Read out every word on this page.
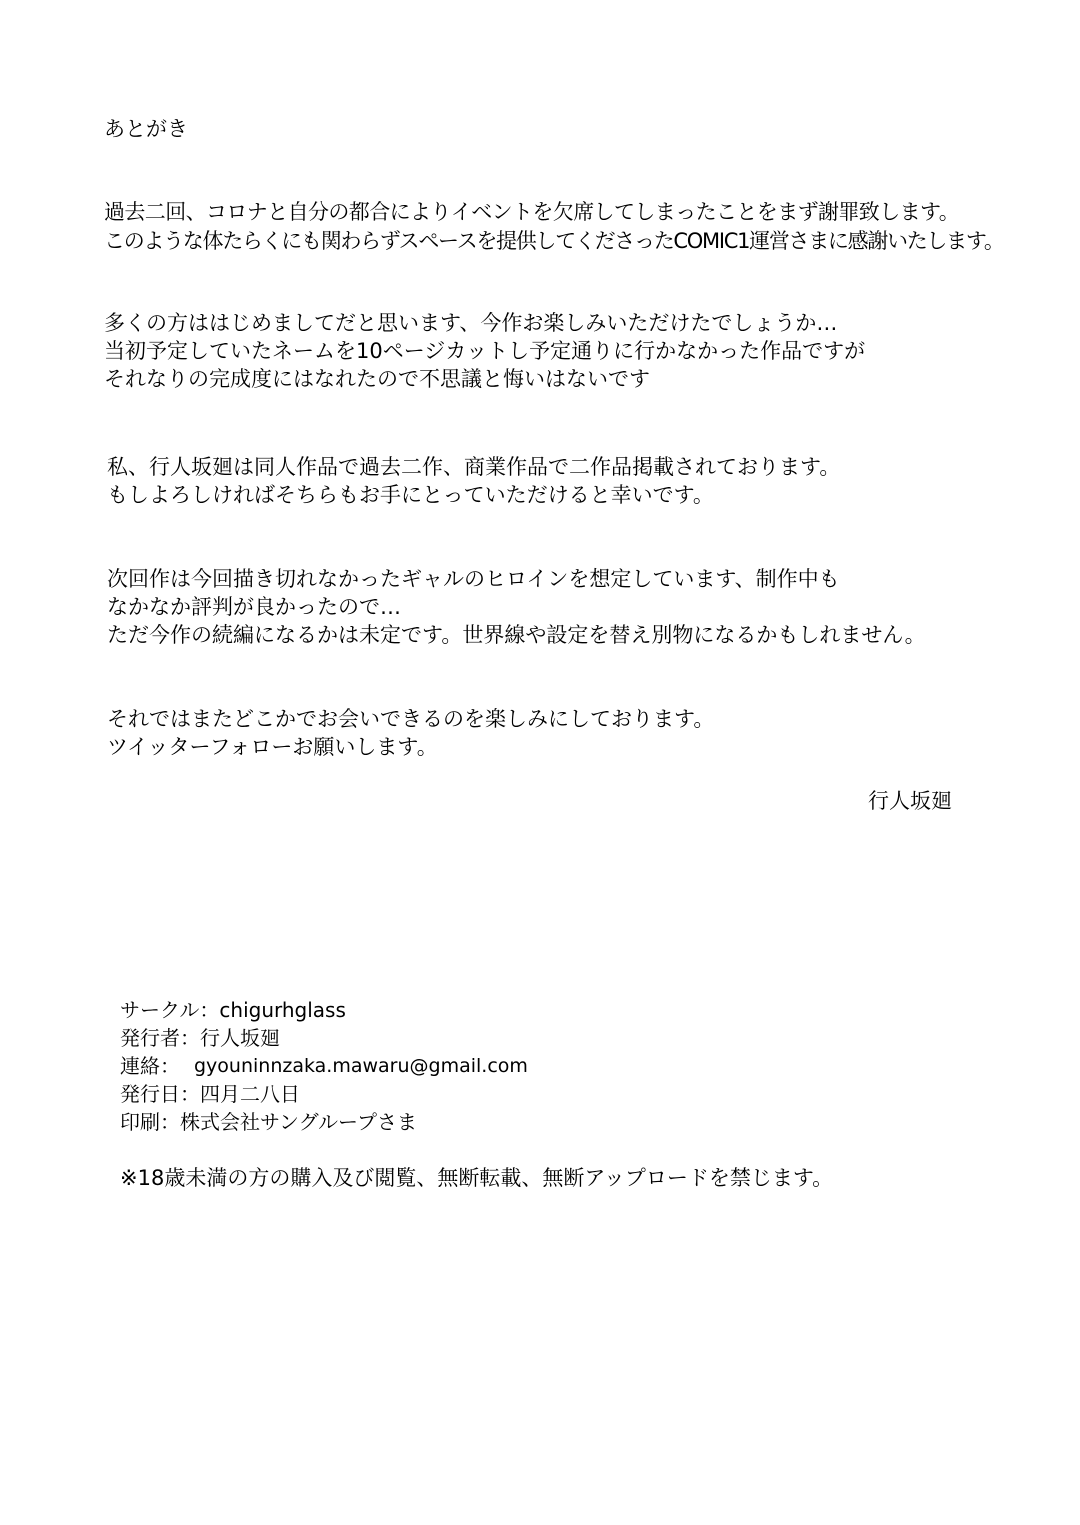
あとがき
過去二回、コロナと自分の都合によりイベントを欠席してしまったことをまず謝罪致します。
このような体たらくにも関わらずスペースを提供してくださったCOMIC1運営さまに感謝いたします。
多くの方ははじめましてだと思います、今作お楽しみいただけたでしょうか…
当初予定していたネームを10ページカットし予定通りに行かなかった作品ですが
それなりの完成度にはなれたので不思議と悔いはないです
私、行人坂廻は同人作品で過去二作、商業作品で二作品掲載されております。
もしよろしければそちらもお手にとっていただけると幸いです。
次回作は今回描き切れなかったギャルのヒロインを想定しています、制作中も
なかなか評判が良かったので…
ただ今作の続編になるかは未定です。世界線や設定を替え別物になるかもしれません。
それではまたどこかでお会いできるのを楽しみにしております。
ツイッターフォローお願いします。
行人坂廻
サークル：chigurhglass
発行者：行人坂廻
連絡： gyouninnzaka.mawaru@gmail.com
発行日：四月二八日
印刷：株式会社サングループさま
※18歳未満の方の購入及び閲覧、無断転載、無断アップロードを禁じます。
